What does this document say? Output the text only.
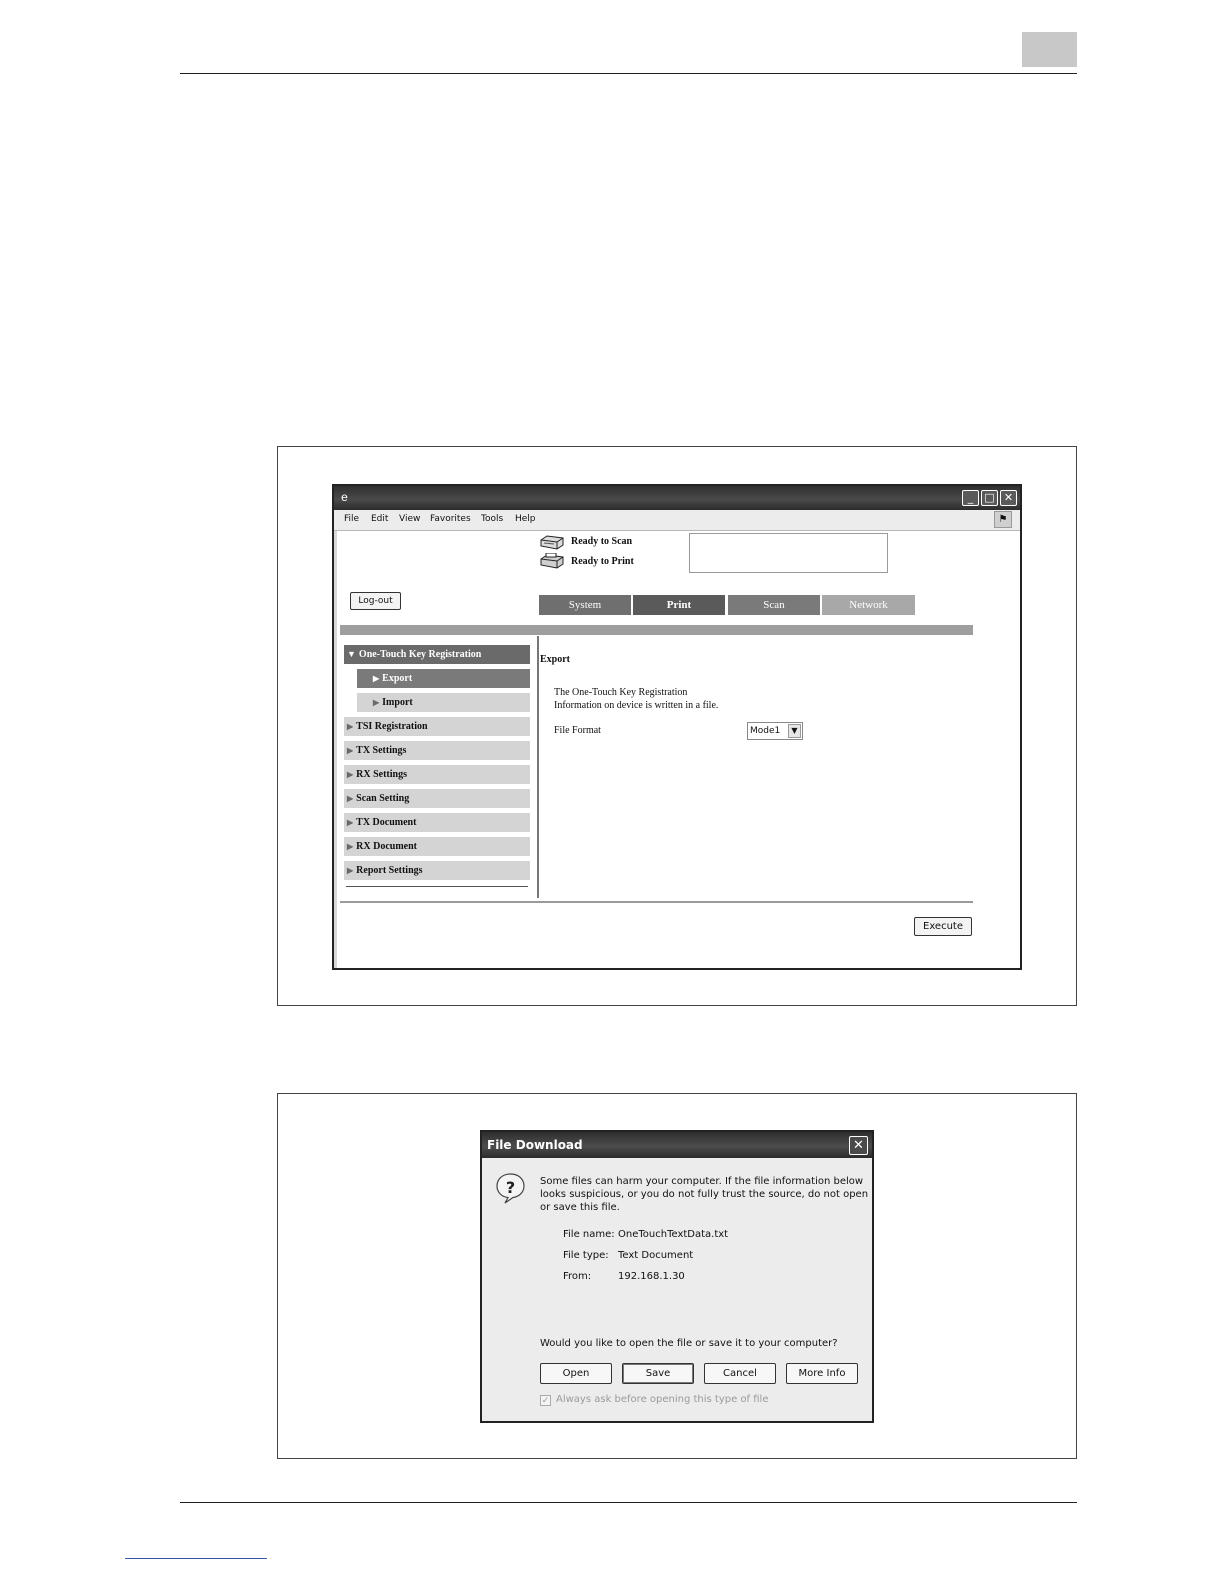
e	_	□ ✕
File Edit View Favorites Tools Help	⚑
Ready to Scan
Ready to Print
Log-out	System	Print	Scan	Network
▼ One-Touch Key Registration
▶ Export
▶ Import
▶ TSI Registration
▶ TX Settings
▶ RX Settings
▶ Scan Setting
▶ TX Document
▶ RX Document
▶ Report Settings
Export
The One-Touch Key Registration
Information on device is written in a file.
File Format	Mode1	▼
Execute
File Download	✕
? Some files can harm your computer. If the file information below looks suspicious, or you do not fully trust the source, do not open or save this file.
File name: OneTouchTextData.txt
File type: Text Document
From:	192.168.1.30
Would you like to open the file or save it to your computer?
Open	Save	Cancel	More Info
✓ Always ask before opening this type of file
